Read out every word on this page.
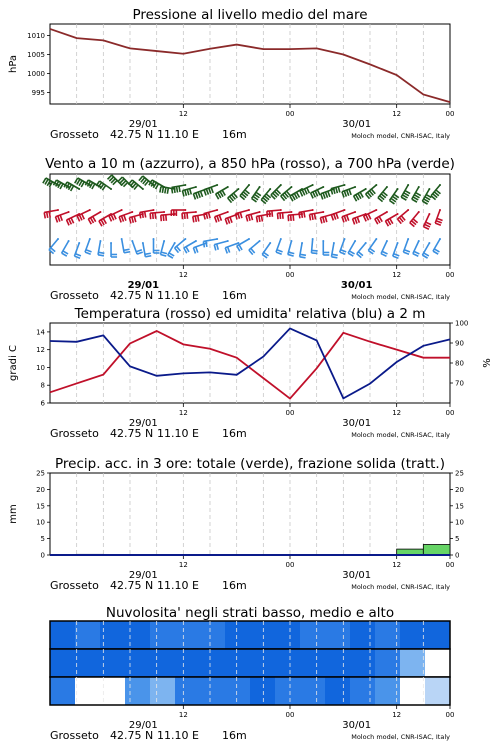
Pressione al livello medio del mare
12	00	12	00
995
1000
1005
1010
hPa
29/01	30/01
Grosseto 42.75 N 11.10 E 16m	Moloch model, CNR-ISAC, Italy
Vento a 10 m (azzurro), a 850 hPa (rosso), a 700 hPa (verde)
12	00	12	00
29/01	30/01
Grosseto 42.75 N 11.10 E 16m	Moloch model, CNR-ISAC, Italy
Temperatura (rosso) ed umidita' relativa (blu) a 2 m
12	00	12	00
6
8
10
12
14
70
80
90
100
gradi C	%
29/01	30/01
Grosseto 42.75 N 11.10 E 16m	Moloch model, CNR-ISAC, Italy
Precip. acc. in 3 ore: totale (verde), frazione solida (tratt.)
12	00	12	00
0
5
10
15
20
25
0
5
10
15
20
25
mm
29/01	30/01
Grosseto 42.75 N 11.10 E 16m	Moloch model, CNR-ISAC, Italy
Nuvolosita' negli strati basso, medio e alto
12	00	12	00
29/01	30/01
Grosseto 42.75 N 11.10 E 16m	Moloch model, CNR-ISAC, Italy
